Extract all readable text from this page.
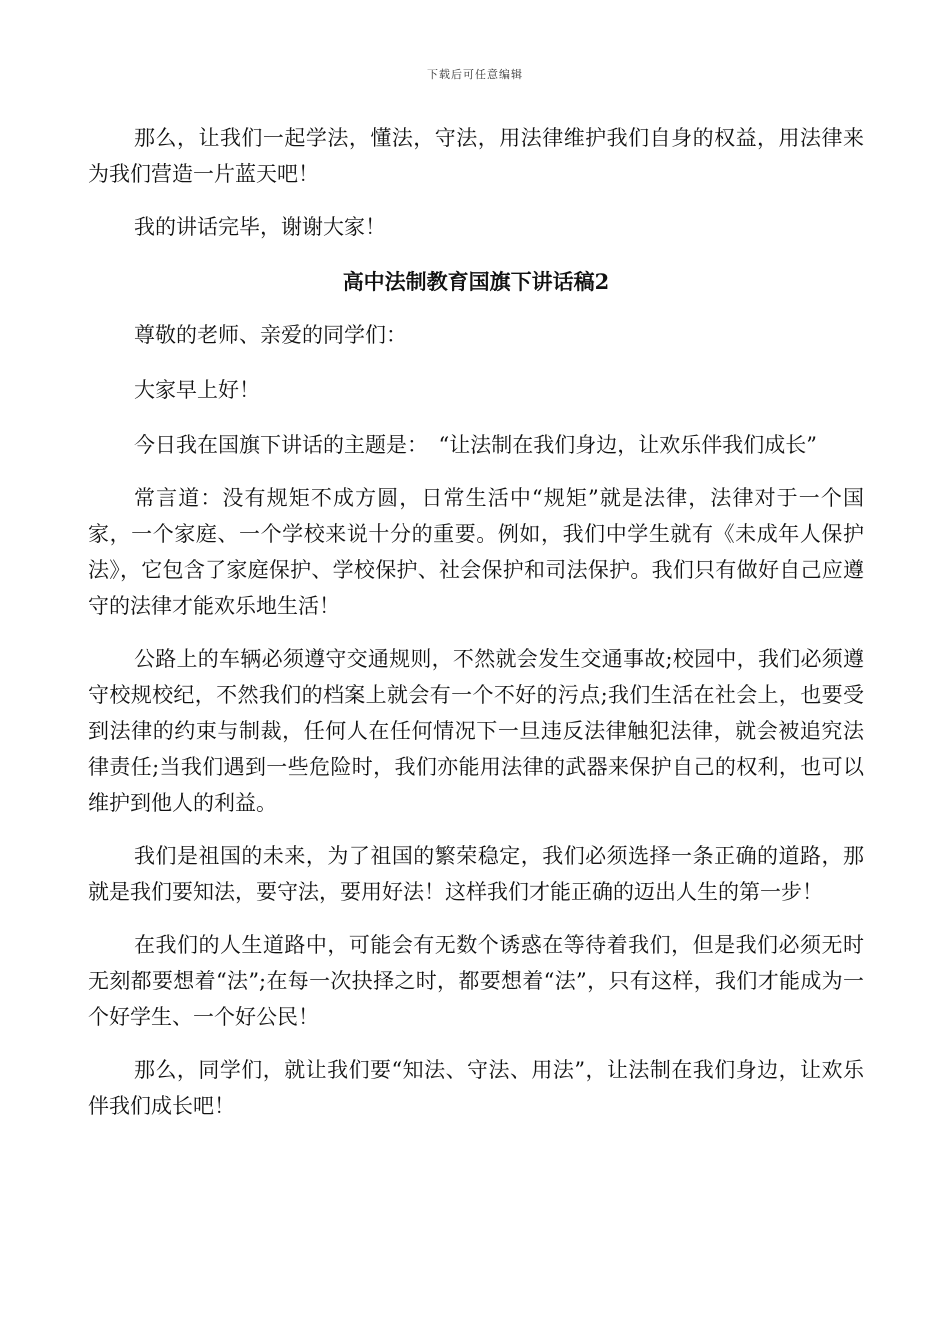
下载后可任意编辑

那么，让我们一起学法，懂法，守法，用法律维护我们自身的权益，用法律来为我们营造一片蓝天吧！

我的讲话完毕，谢谢大家！

高中法制教育国旗下讲话稿2

尊敬的老师、亲爱的同学们：

大家早上好！

今日我在国旗下讲话的主题是：　“让法制在我们身边，让欢乐伴我们成长”

常言道：没有规矩不成方圆，日常生活中“规矩”就是法律，法律对于一个国家，一个家庭、一个学校来说十分的重要。例如，我们中学生就有《未成年人保护法》，它包含了家庭保护、学校保护、社会保护和司法保护。我们只有做好自己应遵守的法律才能欢乐地生活！

公路上的车辆必须遵守交通规则，不然就会发生交通事故;校园中，我们必须遵守校规校纪，不然我们的档案上就会有一个不好的污点;我们生活在社会上，也要受到法律的约束与制裁，任何人在任何情况下一旦违反法律触犯法律，就会被追究法律责任;当我们遇到一些危险时，我们亦能用法律的武器来保护自己的权利，也可以维护到他人的利益。

我们是祖国的未来，为了祖国的繁荣稳定，我们必须选择一条正确的道路，那就是我们要知法，要守法，要用好法！这样我们才能正确的迈出人生的第一步！

在我们的人生道路中，可能会有无数个诱惑在等待着我们，但是我们必须无时无刻都要想着“法”;在每一次抉择之时，都要想着“法”，只有这样，我们才能成为一个好学生、一个好公民！

那么，同学们，就让我们要“知法、守法、用法”，让法制在我们身边，让欢乐伴我们成长吧！
